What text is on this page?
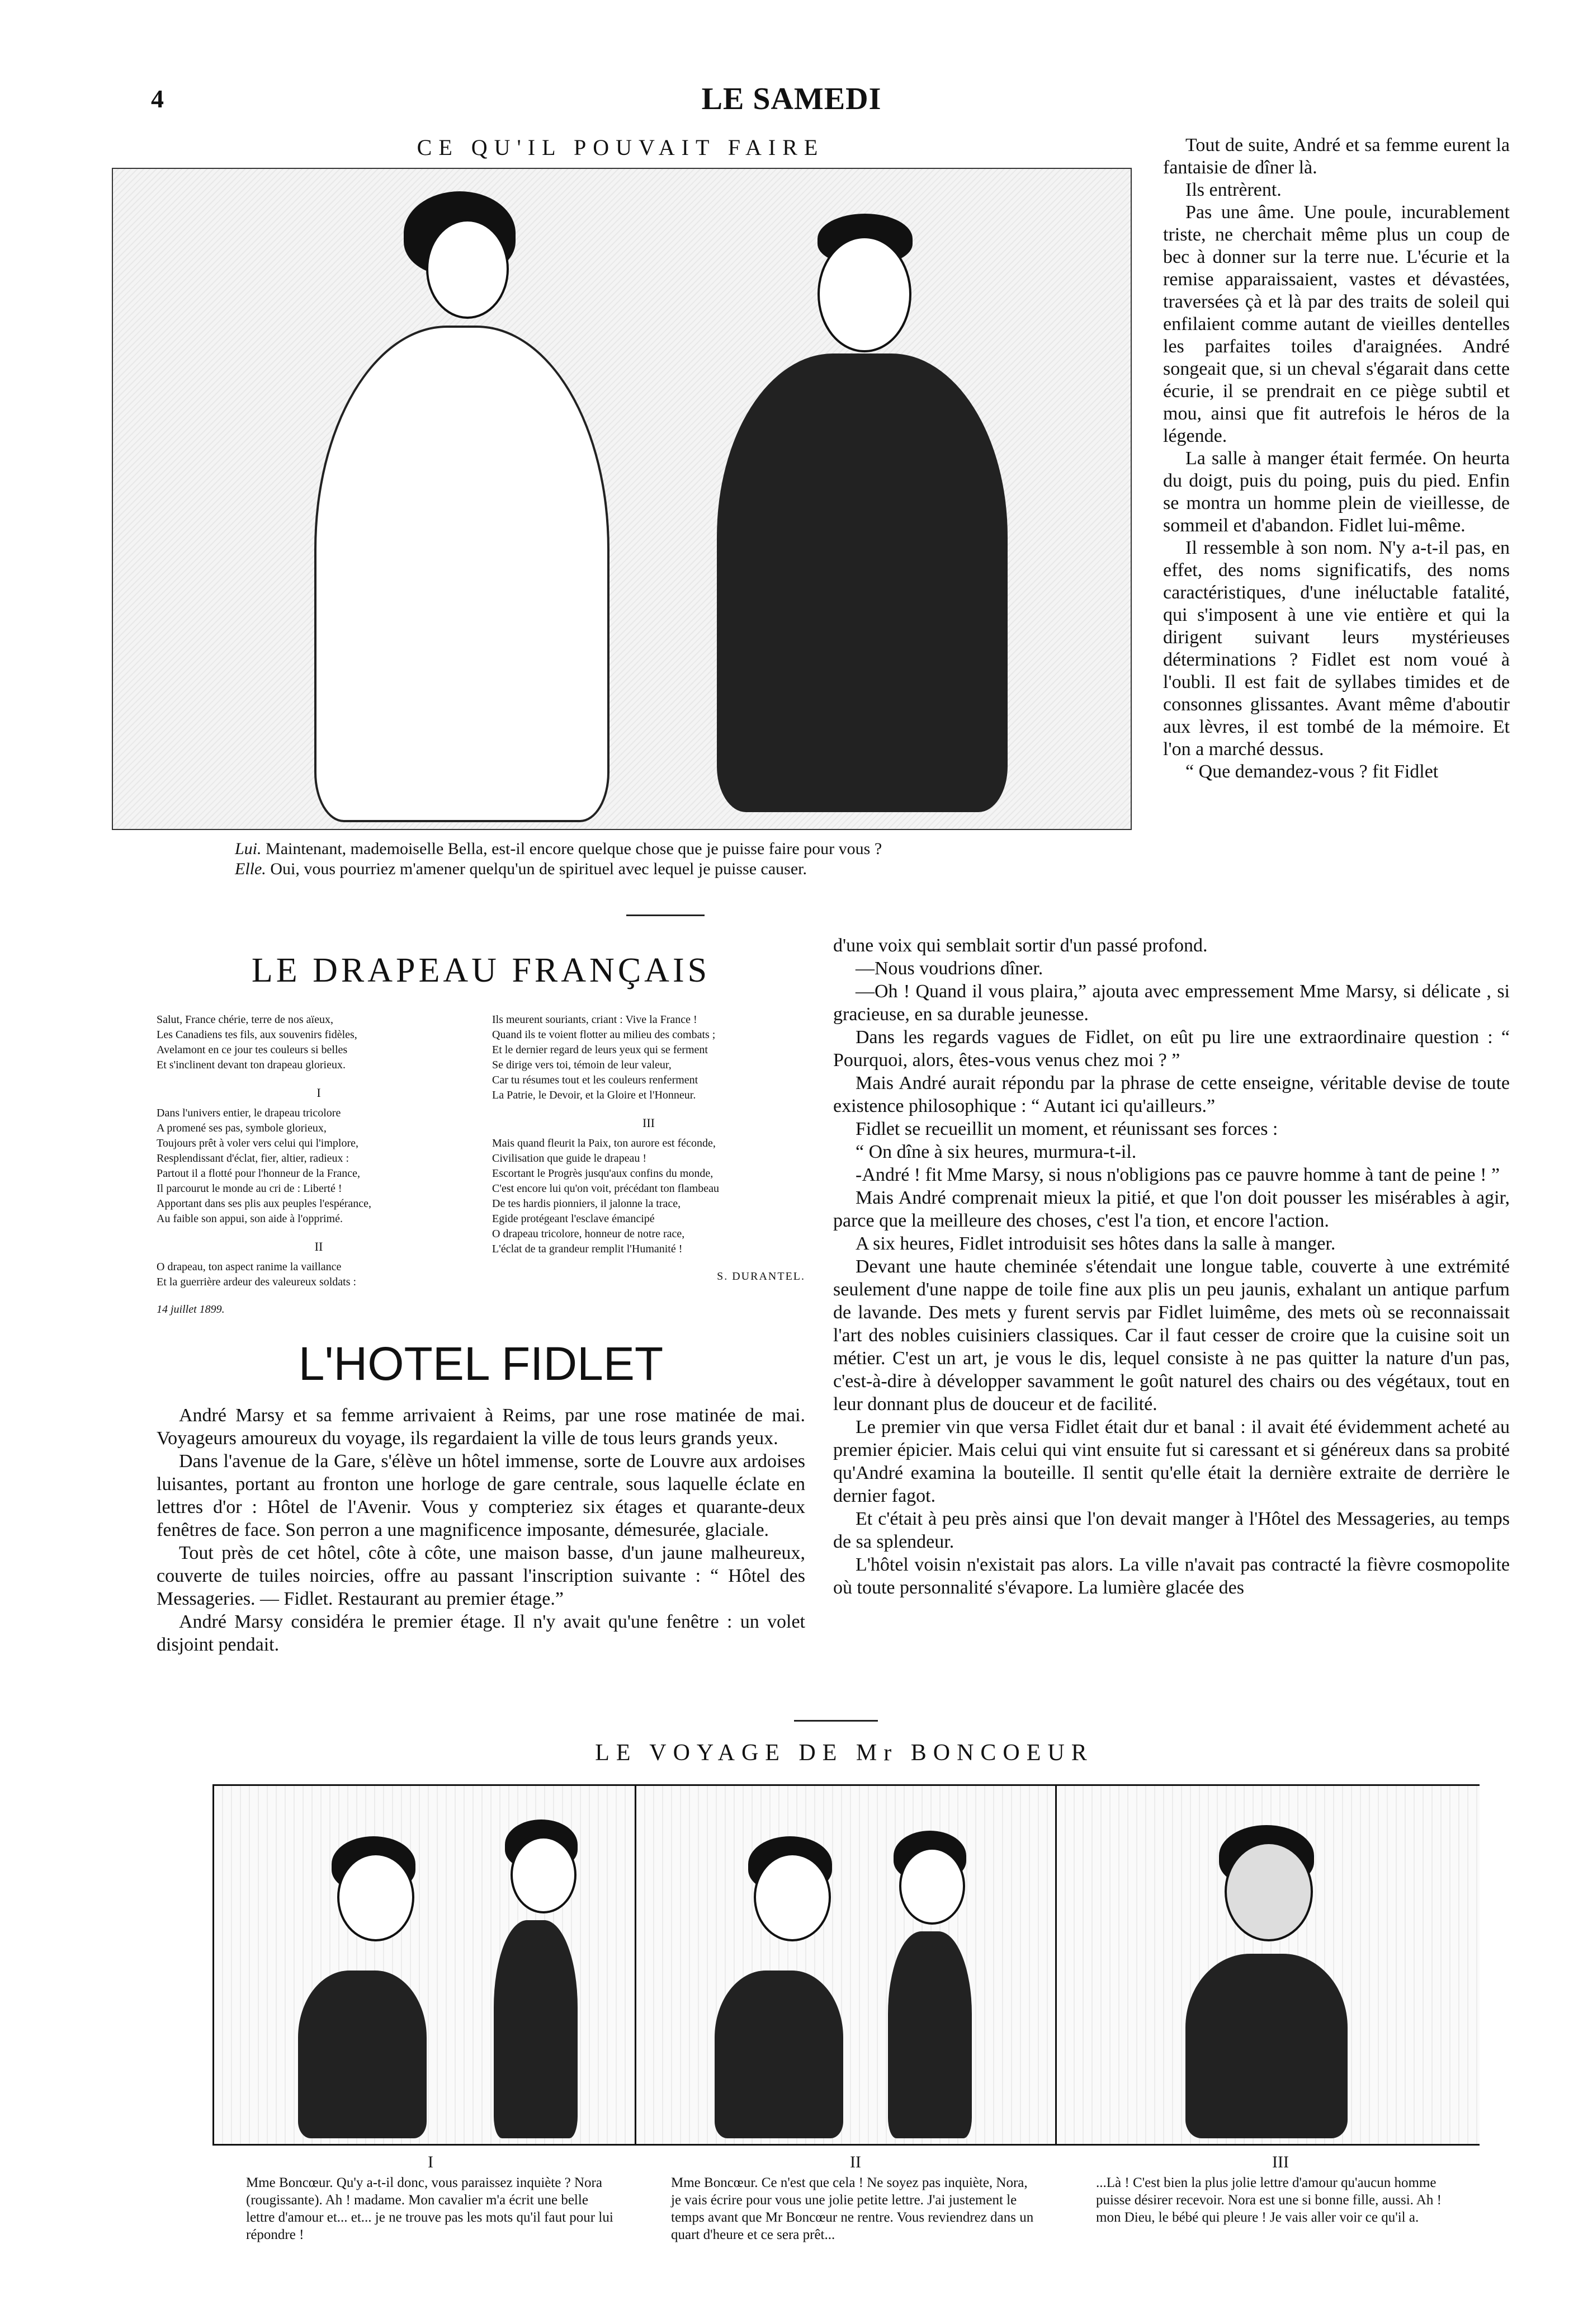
4	LE SAMEDI
CE QU'IL POUVAIT FAIRE
Lui. Maintenant, mademoiselle Bella, est-il encore quelque chose que je puisse faire pour vous ?
Elle. Oui, vous pourriez m'amener quelqu'un de spirituel avec lequel je puisse causer.

Tout de suite, André et sa femme eurent la fantaisie de dîner là.

Ils entrèrent.

Pas une âme. Une poule, incurablement triste, ne cherchait même plus un coup de bec à donner sur la terre nue. L'écurie et la remise apparaissaient, vastes et dévastées, traversées çà et là par des traits de soleil qui enfilaient comme autant de vieilles dentelles les parfaites toiles d'araignées. André songeait que, si un cheval s'égarait dans cette écurie, il se prendrait en ce piège subtil et mou, ainsi que fit autrefois le héros de la légende.

La salle à manger était fermée. On heurta du doigt, puis du poing, puis du pied. Enfin se montra un homme plein de vieillesse, de sommeil et d'abandon. Fidlet lui-même.

Il ressemble à son nom. N'y a-t-il pas, en effet, des noms significatifs, des noms caractéristiques, d'une inéluctable fatalité, qui s'imposent à une vie entière et qui la dirigent suivant leurs mystérieuses déterminations ? Fidlet est nom voué à l'oubli. Il est fait de syllabes timides et de consonnes glissantes. Avant même d'aboutir aux lèvres, il est tombé de la mémoire. Et l'on a marché dessus.

“ Que demandez-vous ? fit Fidlet

LE DRAPEAU FRANÇAIS
Salut, France chérie, terre de nos aïeux,
Les Canadiens tes fils, aux souvenirs fidèles,
Avelamont en ce jour tes couleurs si belles
Et s'inclinent devant ton drapeau glorieux.
I
Dans l'univers entier, le drapeau tricolore
A promené ses pas, symbole glorieux,
Toujours prêt à voler vers celui qui l'implore,
Resplendissant d'éclat, fier, altier, radieux :
Partout il a flotté pour l'honneur de la France,
Il parcourut le monde au cri de : Liberté !
Apportant dans ses plis aux peuples l'espérance,
Au faible son appui, son aide à l'opprimé.
II
O drapeau, ton aspect ranime la vaillance
Et la guerrière ardeur des valeureux soldats :
14 juillet 1899.
Ils meurent souriants, criant : Vive la France !
Quand ils te voient flotter au milieu des combats ;
Et le dernier regard de leurs yeux qui se ferment
Se dirige vers toi, témoin de leur valeur,
Car tu résumes tout et les couleurs renferment
La Patrie, le Devoir, et la Gloire et l'Honneur.
III
Mais quand fleurit la Paix, ton aurore est féconde,
Civilisation que guide le drapeau !
Escortant le Progrès jusqu'aux confins du monde,
C'est encore lui qu'on voit, précédant ton flambeau
De tes hardis pionniers, il jalonne la trace,
Egide protégeant l'esclave émancipé
O drapeau tricolore, honneur de notre race,
L'éclat de ta grandeur remplit l'Humanité !
S. DURANTEL.
L'HOTEL FIDLET

André Marsy et sa femme arrivaient à Reims, par une rose matinée de mai. Voyageurs amoureux du voyage, ils regardaient la ville de tous leurs grands yeux.

Dans l'avenue de la Gare, s'élève un hôtel immense, sorte de Louvre aux ardoises luisantes, portant au fronton une horloge de gare centrale, sous laquelle éclate en lettres d'or : Hôtel de l'Avenir. Vous y compteriez six étages et quarante-deux fenêtres de face. Son perron a une magnificence imposante, démesurée, glaciale.

Tout près de cet hôtel, côte à côte, une maison basse, d'un jaune malheureux, couverte de tuiles noircies, offre au passant l'inscription suivante : “ Hôtel des Messageries. — Fidlet. Restaurant au premier étage.”

André Marsy considéra le premier étage. Il n'y avait qu'une fenêtre : un volet disjoint pendait.

d'une voix qui semblait sortir d'un passé profond.

—Nous voudrions dîner.

—Oh ! Quand il vous plaira,” ajouta avec empressement Mme Marsy, si délicate , si gracieuse, en sa durable jeunesse.

Dans les regards vagues de Fidlet, on eût pu lire une extraordinaire question : “ Pourquoi, alors, êtes-vous venus chez moi ? ”

Mais André aurait répondu par la phrase de cette enseigne, véritable devise de toute existence philosophique : “ Autant ici qu'ailleurs.”

Fidlet se recueillit un moment, et réunissant ses forces :

“ On dîne à six heures, murmura-t-il.

-André ! fit Mme Marsy, si nous n'obligions pas ce pauvre homme à tant de peine ! ”

Mais André comprenait mieux la pitié, et que l'on doit pousser les misérables à agir, parce que la meilleure des choses, c'est l'a tion, et encore l'action.

A six heures, Fidlet introduisit ses hôtes dans la salle à manger.

Devant une haute cheminée s'étendait une longue table, couverte à une extrémité seulement d'une nappe de toile fine aux plis un peu jaunis, exhalant un antique parfum de lavande. Des mets y furent servis par Fidlet luimême, des mets où se reconnaissait l'art des nobles cuisiniers classiques. Car il faut cesser de croire que la cuisine soit un métier. C'est un art, je vous le dis, lequel consiste à ne pas quitter la nature d'un pas, c'est-à-dire à développer savamment le goût naturel des chairs ou des végétaux, tout en leur donnant plus de douceur et de facilité.

Le premier vin que versa Fidlet était dur et banal : il avait été évidemment acheté au premier épicier. Mais celui qui vint ensuite fut si caressant et si généreux dans sa probité qu'André examina la bouteille. Il sentit qu'elle était la dernière extraite de derrière le dernier fagot.

Et c'était à peu près ainsi que l'on devait manger à l'Hôtel des Messageries, au temps de sa splendeur.

L'hôtel voisin n'existait pas alors. La ville n'avait pas contracté la fièvre cosmopolite où toute personnalité s'évapore. La lumière glacée des

LE VOYAGE DE Mr BONCOEUR
I
Mme Boncœur. Qu'y a-t-il donc, vous paraissez inquiète ? Nora (rougissante). Ah ! madame. Mon cavalier m'a écrit une belle lettre d'amour et... et... je ne trouve pas les mots qu'il faut pour lui répondre !
II
Mme Boncœur. Ce n'est que cela ! Ne soyez pas inquiète, Nora, je vais écrire pour vous une jolie petite lettre. J'ai justement le temps avant que Mr Boncœur ne rentre. Vous reviendrez dans un quart d'heure et ce sera prêt...
III
...Là ! C'est bien la plus jolie lettre d'amour qu'aucun homme puisse désirer recevoir. Nora est une si bonne fille, aussi. Ah ! mon Dieu, le bébé qui pleure ! Je vais aller voir ce qu'il a.
